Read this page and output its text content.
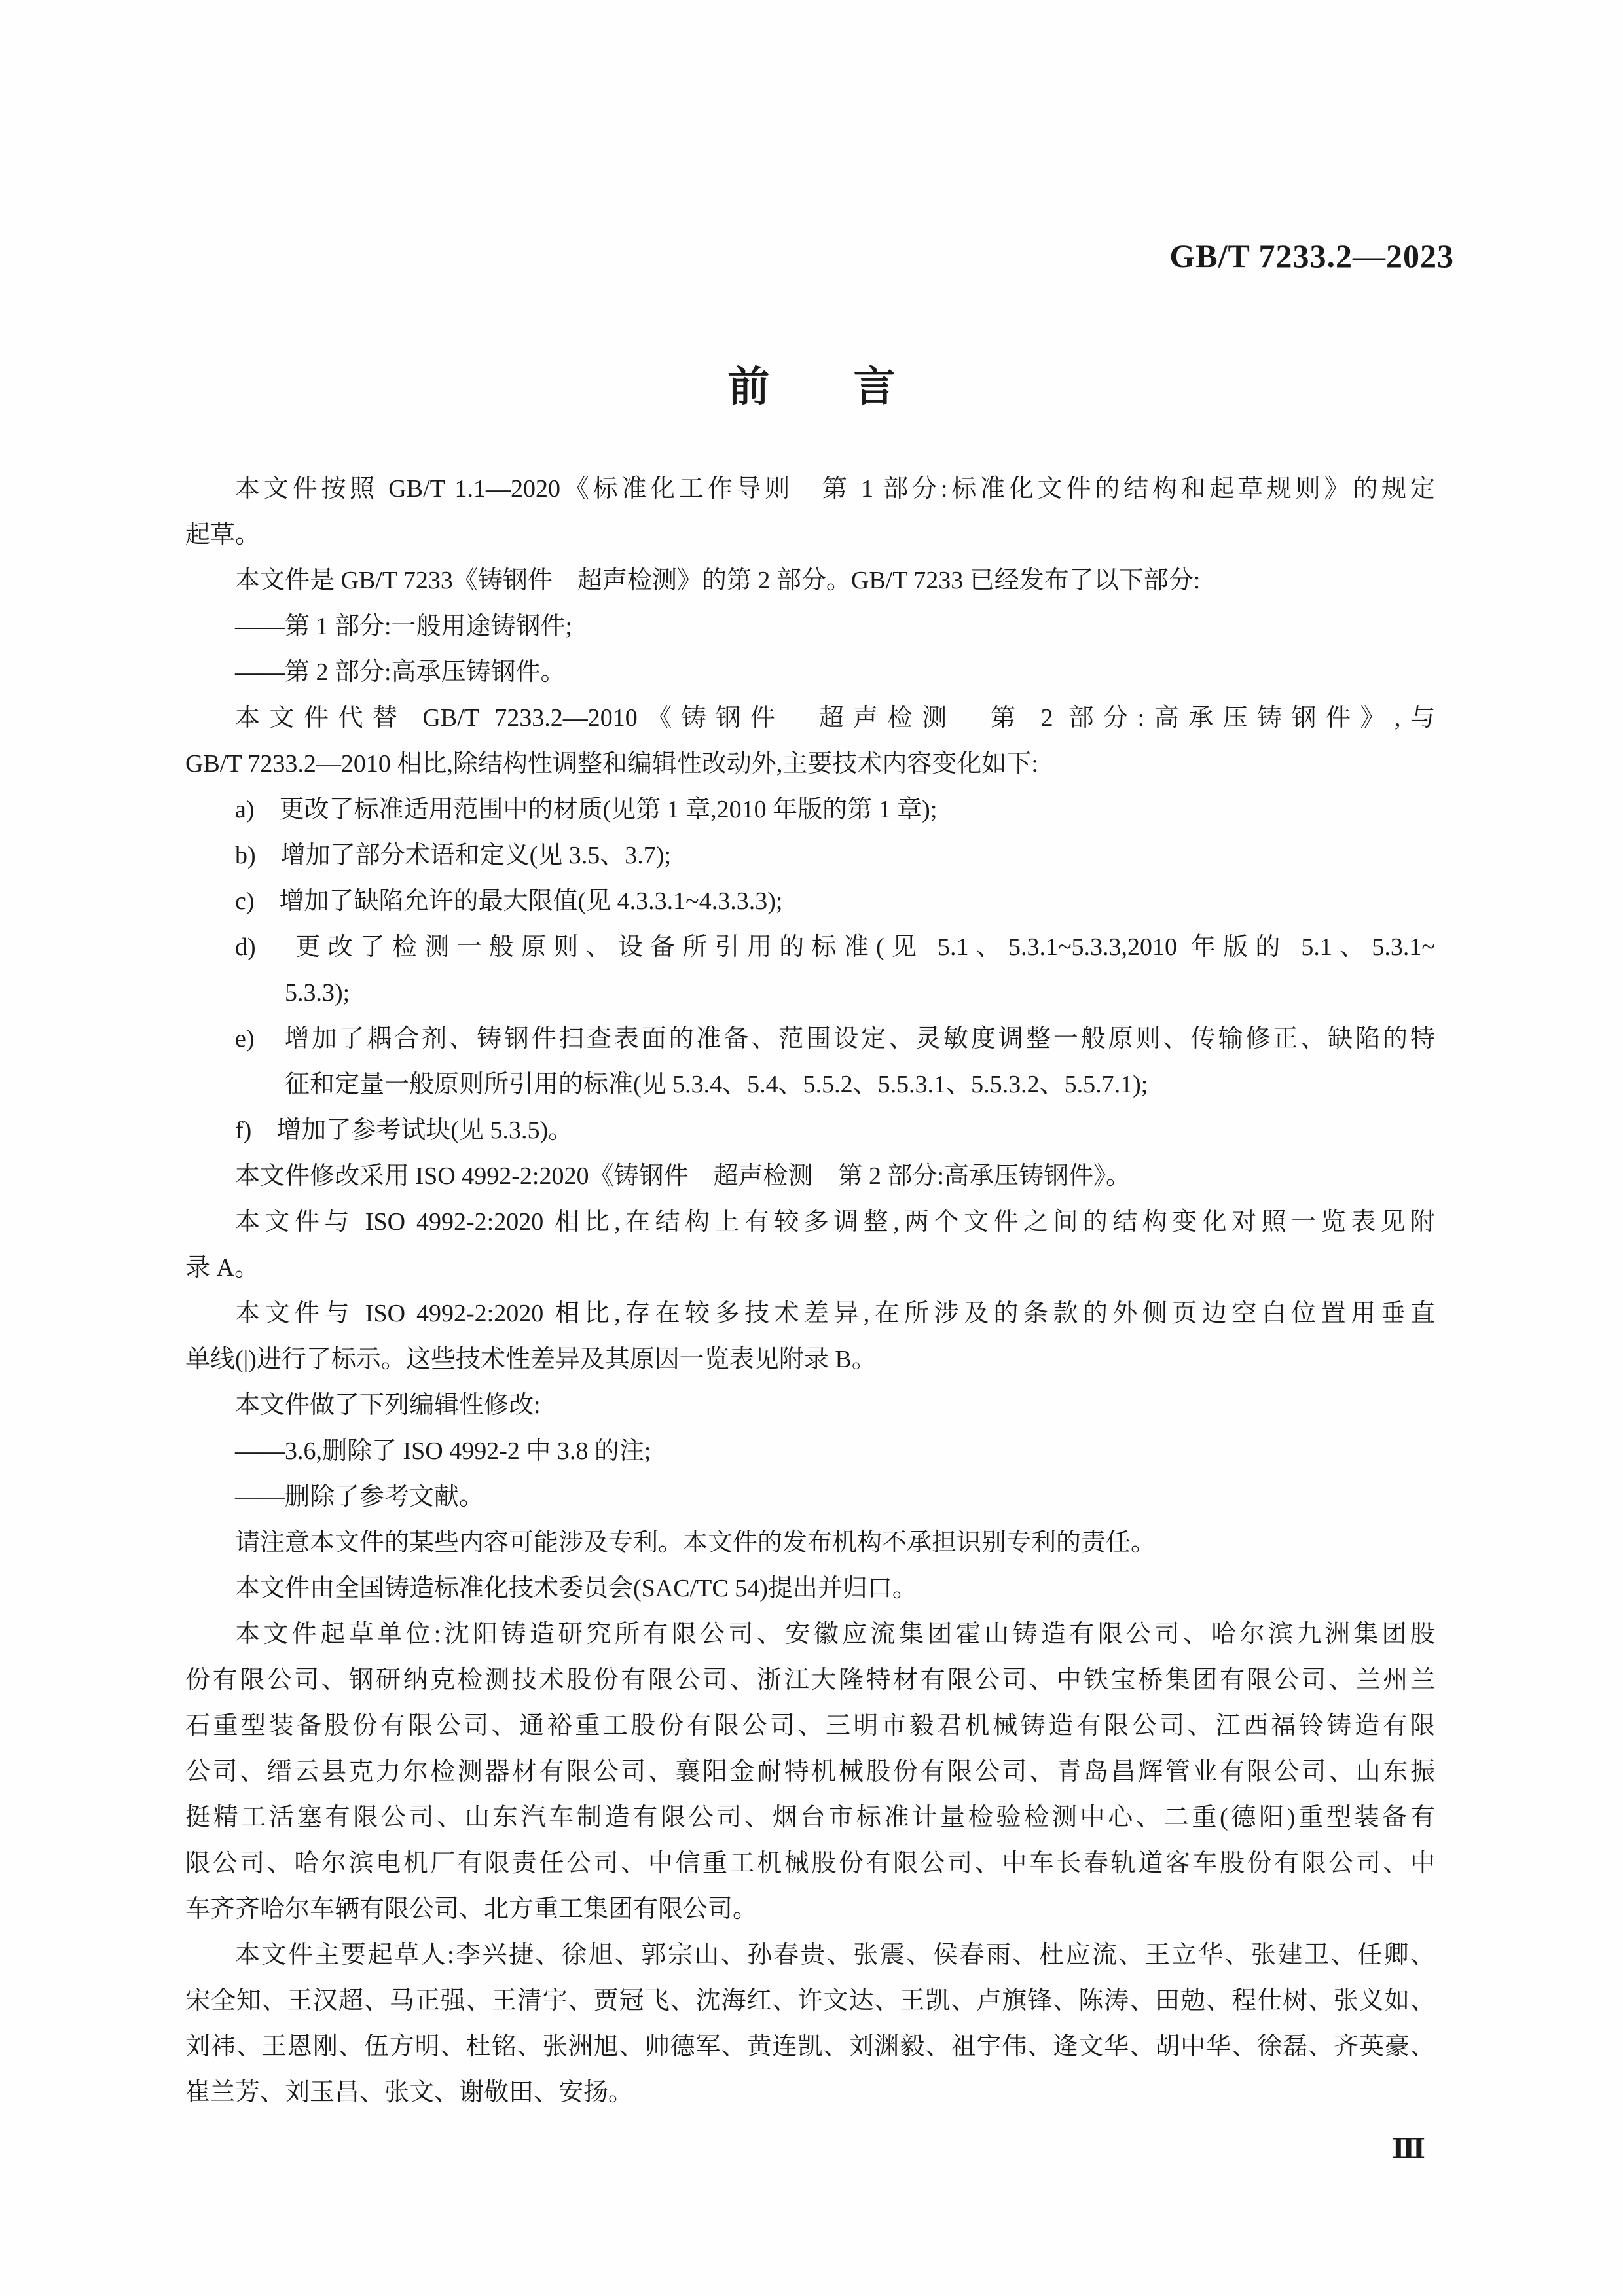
GB/T 7233.2—2023
前　　言
本文件按照 GB/T 1.1—2020《标准化工作导则　第 1 部分:标准化文件的结构和起草规则》的规定
起草。
本文件是 GB/T 7233《铸钢件　超声检测》的第 2 部分。GB/T 7233 已经发布了以下部分:
——第 1 部分:一般用途铸钢件;
——第 2 部分:高承压铸钢件。
本文件代替 GB/T 7233.2—2010《铸钢件　超声检测　第 2 部分:高承压铸钢件》,与
GB/T 7233.2—2010 相比,除结构性调整和编辑性改动外,主要技术内容变化如下:
a)　更改了标准适用范围中的材质(见第 1 章,2010 年版的第 1 章);
b)　增加了部分术语和定义(见 3.5、3.7);
c)　增加了缺陷允许的最大限值(见 4.3.3.1~4.3.3.3);
d)　更改了检测一般原则、设备所引用的标准(见 5.1、5.3.1~5.3.3,2010 年版的 5.1、5.3.1~
5.3.3);
e)　增加了耦合剂、铸钢件扫查表面的准备、范围设定、灵敏度调整一般原则、传输修正、缺陷的特
征和定量一般原则所引用的标准(见 5.3.4、5.4、5.5.2、5.5.3.1、5.5.3.2、5.5.7.1);
f)　增加了参考试块(见 5.3.5)。
本文件修改采用 ISO 4992-2:2020《铸钢件　超声检测　第 2 部分:高承压铸钢件》。
本文件与 ISO 4992-2:2020 相比,在结构上有较多调整,两个文件之间的结构变化对照一览表见附
录 A。
本文件与 ISO 4992-2:2020 相比,存在较多技术差异,在所涉及的条款的外侧页边空白位置用垂直
单线(|)进行了标示。这些技术性差异及其原因一览表见附录 B。
本文件做了下列编辑性修改:
——3.6,删除了 ISO 4992-2 中 3.8 的注;
——删除了参考文献。
请注意本文件的某些内容可能涉及专利。本文件的发布机构不承担识别专利的责任。
本文件由全国铸造标准化技术委员会(SAC/TC 54)提出并归口。
本文件起草单位:沈阳铸造研究所有限公司、安徽应流集团霍山铸造有限公司、哈尔滨九洲集团股
份有限公司、钢研纳克检测技术股份有限公司、浙江大隆特材有限公司、中铁宝桥集团有限公司、兰州兰
石重型装备股份有限公司、通裕重工股份有限公司、三明市毅君机械铸造有限公司、江西福铃铸造有限
公司、缙云县克力尔检测器材有限公司、襄阳金耐特机械股份有限公司、青岛昌辉管业有限公司、山东振
挺精工活塞有限公司、山东汽车制造有限公司、烟台市标准计量检验检测中心、二重(德阳)重型装备有
限公司、哈尔滨电机厂有限责任公司、中信重工机械股份有限公司、中车长春轨道客车股份有限公司、中
车齐齐哈尔车辆有限公司、北方重工集团有限公司。
本文件主要起草人:李兴捷、徐旭、郭宗山、孙春贵、张震、侯春雨、杜应流、王立华、张建卫、任卿、
宋全知、王汉超、马正强、王清宇、贾冠飞、沈海红、许文达、王凯、卢旗锋、陈涛、田勊、程仕树、张义如、
刘祎、王恩刚、伍方明、杜铭、张洲旭、帅德军、黄连凯、刘渊毅、祖宇伟、逄文华、胡中华、徐磊、齐英豪、
崔兰芳、刘玉昌、张文、谢敬田、安扬。
Ⅲ
